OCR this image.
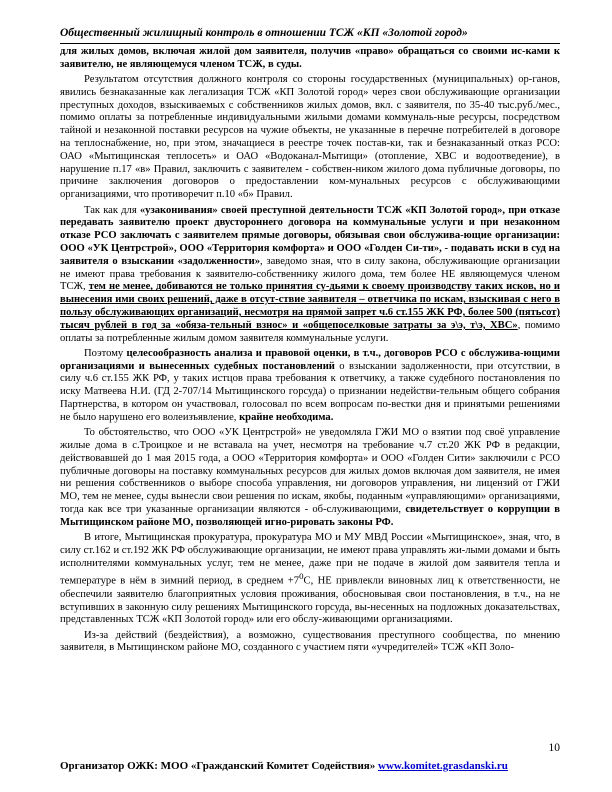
Общественный жилищный контроль в отношении ТСЖ «КП «Золотой город»

для жилых домов, включая жилой дом заявителя, получив «право» обращаться со своими ис-ками к заявителю, не являющемуся членом ТСЖ, в суды.

Результатом отсутствия должного контроля со стороны государственных (муниципальных) ор-ганов, явились безнаказанные как легализация ТСЖ «КП Золотой город» через свои обслуживающие организации преступных доходов, взыскиваемых с собственников жилых домов, вкл. с заявителя, по 35-40 тыс.руб./мес., помимо оплаты за потребленные индивидуальными жилыми домами коммуналь-ные ресурсы, посредством тайной и незаконной поставки ресурсов на чужие объекты, не указанные в перечне потребителей в договоре на теплоснабжение, но, при этом, значащиеся в реестре точек постав-ки, так и безнаказанный отказ РСО: ОАО «Мытищинская теплосеть» и ОАО «Водоканал-Мытищи» (отопление, ХВС и водоотведение), в нарушение п.17 «в» Правил, заключить с заявителем - собствен-ником жилого дома публичные договоры, по причине заключения договоров о предоставлении ком-мунальных ресурсов с обслуживающими организациями, что противоречит п.10 «б» Правил.

Так как для «узаконивания» своей преступной деятельности ТСЖ «КП Золотой город», при отказе передавать заявителю проект двустороннего договора на коммунальные услуги и при незаконном отказе РСО заключать с заявителем прямые договоры, обязывая свои обслужива-ющие организации: ООО «УК Центрстрой», ООО «Территория комфорта» и ООО «Голден Си-ти», - подавать иски в суд на заявителя о взыскании «задолженности», заведомо зная, что в силу закона, обслуживающие организации не имеют права требования к заявителю-собственнику жилого дома, тем более НЕ являющемуся членом ТСЖ, тем не менее, добиваются не только принятия су-дьями к своему производству таких исков, но и вынесения ими своих решений, даже в отсут-ствие заявителя – ответчика по искам, взыскивая с него в пользу обслуживающих организаций, несмотря на прямой запрет ч.6 ст.155 ЖК РФ, более 500 (пятьсот) тысяч рублей в год за «обяза-тельный взнос» и «общепоселковые затраты за э\э, т\э, ХВС», помимо оплаты за потребленные жилым домом заявителя коммунальные услуги.

Поэтому целесообразность анализа и правовой оценки, в т.ч., договоров РСО с обслужива-ющими организациями и вынесенных судебных постановлений о взыскании задолженности, при отсутствии, в силу ч.6 ст.155 ЖК РФ, у таких истцов права требования к ответчику, а также судебного постановления по иску Матвеева Н.И. (ГД 2-707/14 Мытищинского горсуда) о признании недействи-тельным общего собрания Партнерства, в котором он участвовал, голосовал по всем вопросам по-вестки дня и принятыми решениями не было нарушено его волеизъявление, крайне необходима.

То обстоятельство, что ООО «УК Центрстрой» не уведомляла ГЖИ МО о взятии под своё управление жилые дома в с.Троицкое и не вставала на учет, несмотря на требование ч.7 ст.20 ЖК РФ в редакции, действовавшей до 1 мая 2015 года, а ООО «Территория комфорта» и ООО «Голден Сити» заключили с РСО публичные договоры на поставку коммунальных ресурсов для жилых домов включая дом заявителя, не имея ни решения собственников о выборе способа управления, ни договоров управления, ни лицензий от ГЖИ МО, тем не менее, суды вынесли свои решения по искам, якобы, поданным «управляющими» организациями, тогда как все три указанные организации являются - об-служивающими, свидетельствует о коррупции в Мытищинском районе МО, позволяющей игно-рировать законы РФ.

В итоге, Мытищинская прокуратура, прокуратура МО и МУ МВД России «Мытищинское», зная, что, в силу ст.162 и ст.192 ЖК РФ обслуживающие организации, не имеют права управлять жи-лыми домами и быть исполнителями коммунальных услуг, тем не менее, даже при не подаче в жилой дом заявителя тепла и температуре в нём в зимний период, в среднем $+7^0С$, НЕ привлекли виновных лиц к ответственности, не обеспечили заявителю благоприятных условия проживания, обосновывая свои постановления, в т.ч., на не вступивших в законную силу решениях Мытищинского горсуда, вы-несенных на подложных доказательствах, представленных ТСЖ «КП Золотой город» или его обслу-живающими организациями.

Из-за действий (бездействия), а возможно, существования преступного сообщества, по мнению заявителя, в Мытищинском районе МО, созданного с участием пяти «учредителей» ТСЖ «КП Золо-

10
Организатор ОЖК: МОО «Гражданский Комитет Содействия» www.komitet.grasdanski.ru
